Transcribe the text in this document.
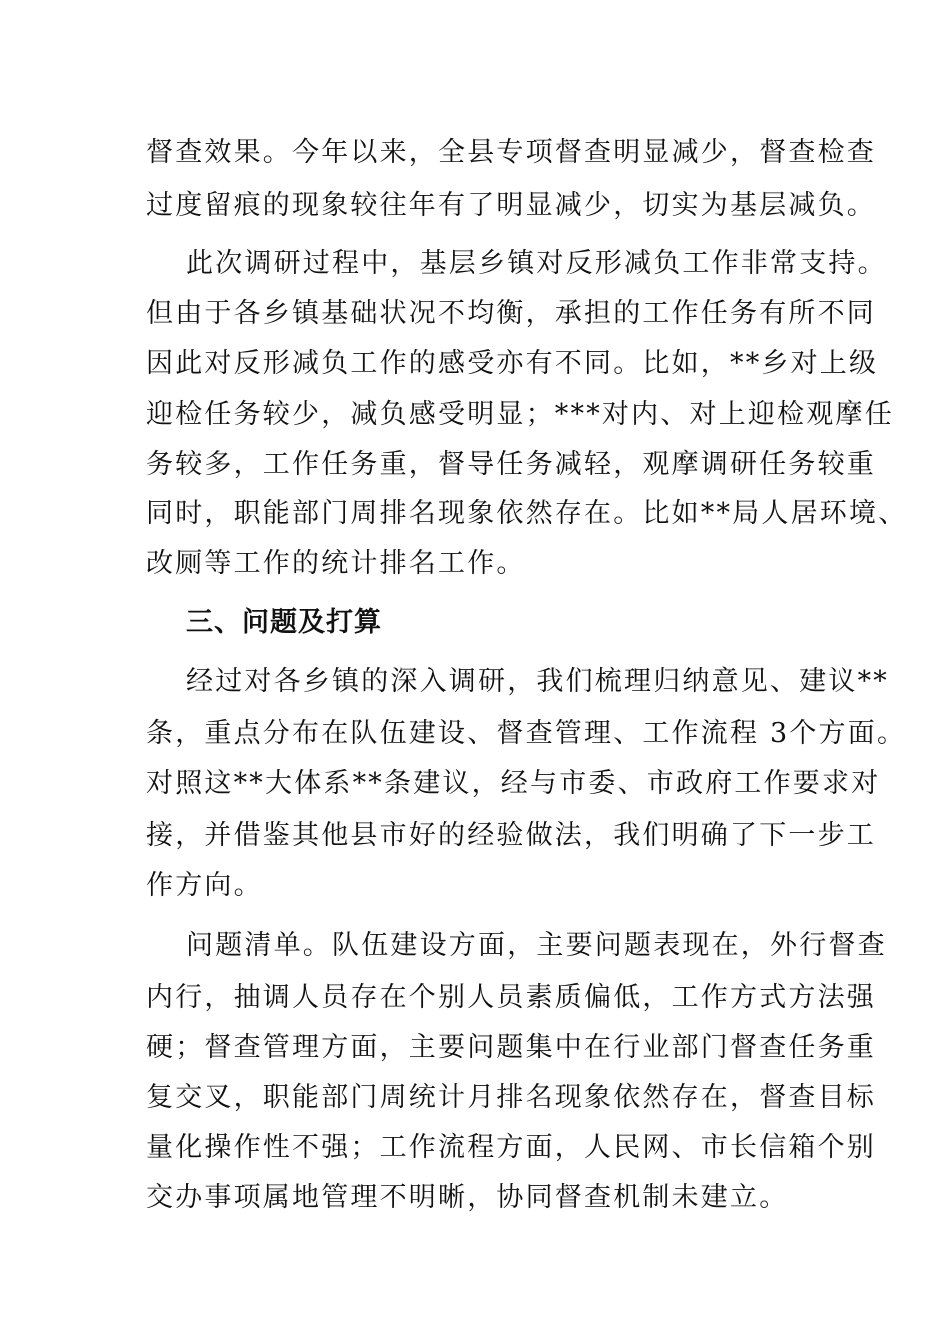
督查效果。今年以来，全县专项督查明显减少，督查检查
过度留痕的现象较往年有了明显减少，切实为基层减负。
此次调研过程中，基层乡镇对反形减负工作非常支持。
但由于各乡镇基础状况不均衡，承担的工作任务有所不同
因此对反形减负工作的感受亦有不同。比如，**乡对上级
迎检任务较少，减负感受明显；***对内、对上迎检观摩任
务较多，工作任务重，督导任务减轻，观摩调研任务较重
同时，职能部门周排名现象依然存在。比如**局人居环境、
改厕等工作的统计排名工作。
三、问题及打算
经过对各乡镇的深入调研，我们梳理归纳意见、建议**
条，重点分布在队伍建设、督查管理、工作流程 3个方面。
对照这**大体系**条建议，经与市委、市政府工作要求对
接，并借鉴其他县市好的经验做法，我们明确了下一步工
作方向。
问题清单。队伍建设方面，主要问题表现在，外行督查
内行，抽调人员存在个别人员素质偏低，工作方式方法强
硬；督查管理方面，主要问题集中在行业部门督查任务重
复交叉，职能部门周统计月排名现象依然存在，督查目标
量化操作性不强；工作流程方面，人民网、市长信箱个别
交办事项属地管理不明晰，协同督查机制未建立。
